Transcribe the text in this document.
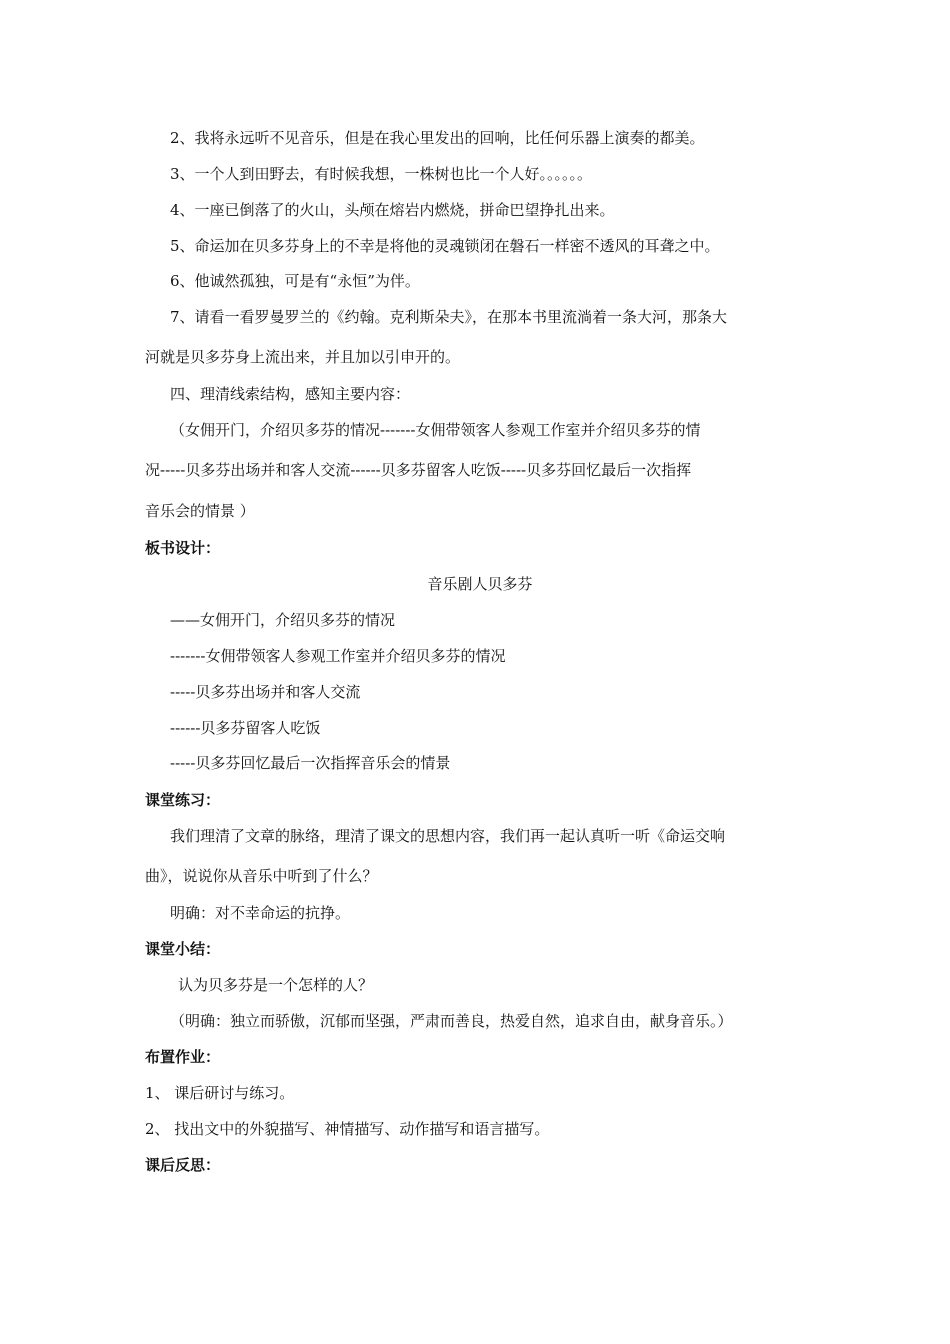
2、我将永远听不见音乐，但是在我心里发出的回响，比任何乐器上演奏的都美。
3、一个人到田野去，有时候我想，一株树也比一个人好。。。。。。
4、一座已倒落了的火山，头颅在熔岩内燃烧，拼命巴望挣扎出来。
5、命运加在贝多芬身上的不幸是将他的灵魂锁闭在磐石一样密不透风的耳聋之中。
6、他诚然孤独，可是有“永恒”为伴。
7、请看一看罗曼罗兰的《约翰。克利斯朵夫》，在那本书里流淌着一条大河，那条大
河就是贝多芬身上流出来，并且加以引申开的。
四、理清线索结构，感知主要内容：
（女佣开门，介绍贝多芬的情况-------女佣带领客人参观工作室并介绍贝多芬的情
况-----贝多芬出场并和客人交流------贝多芬留客人吃饭-----贝多芬回忆最后一次指挥
音乐会的情景 ）
板书设计：
音乐剧人贝多芬
——女佣开门，介绍贝多芬的情况
-------女佣带领客人参观工作室并介绍贝多芬的情况
-----贝多芬出场并和客人交流
------贝多芬留客人吃饭
-----贝多芬回忆最后一次指挥音乐会的情景
课堂练习：
我们理清了文章的脉络，理清了课文的思想内容，我们再一起认真听一听《命运交响
曲》，说说你从音乐中听到了什么？
明确：对不幸命运的抗挣。
课堂小结：
认为贝多芬是一个怎样的人？
（明确：独立而骄傲，沉郁而坚强，严肃而善良，热爱自然，追求自由，献身音乐。）
布置作业：
1、 课后研讨与练习。
2、 找出文中的外貌描写、神情描写、动作描写和语言描写。
课后反思：
